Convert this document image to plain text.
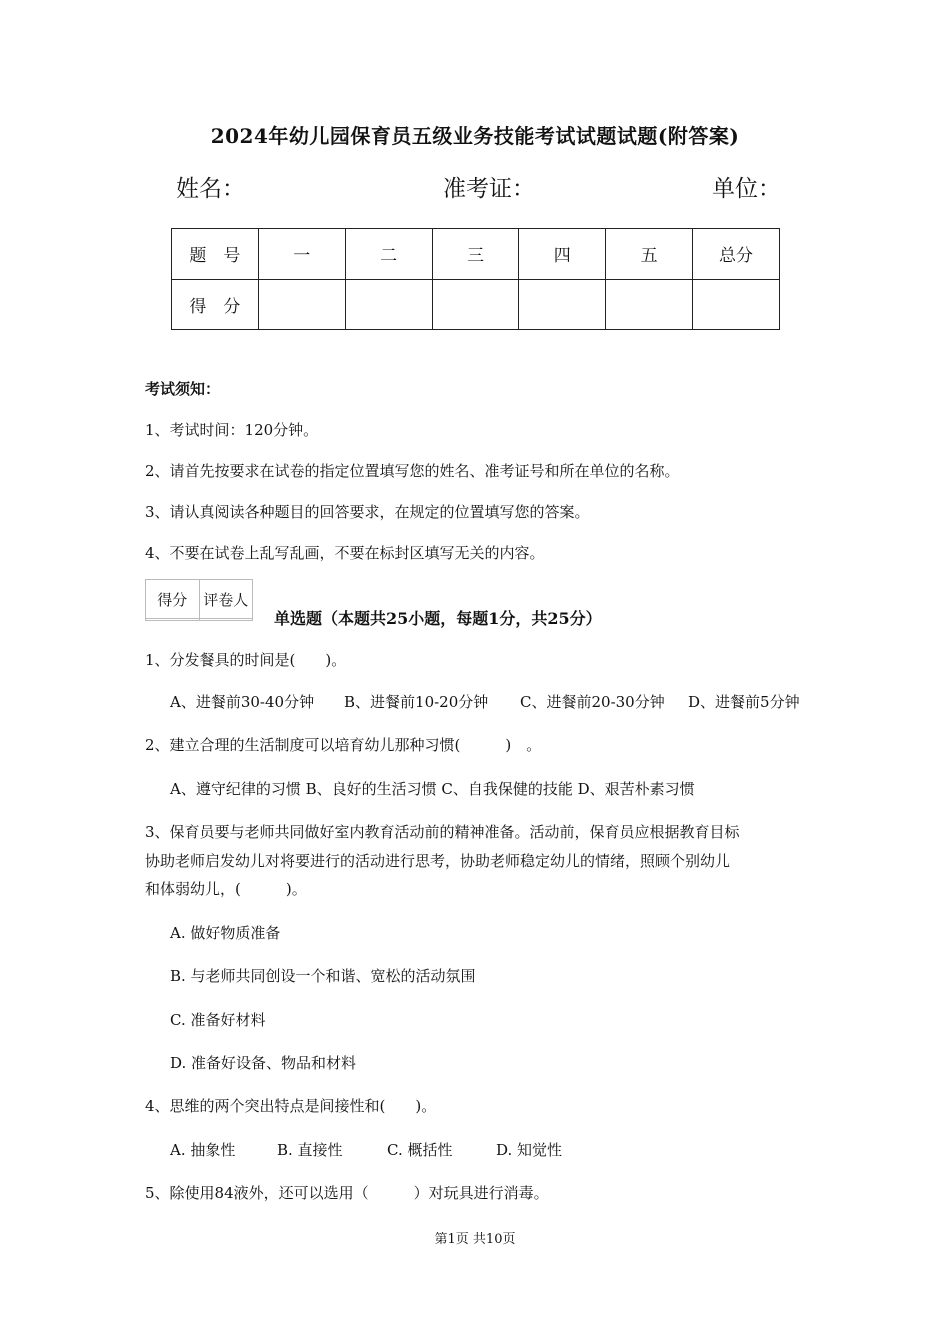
2024年幼儿园保育员五级业务技能考试试题试题(附答案)
姓名：	准考证：	单位：
题　号	一	二	三	四	五	总分
得　分						
考试须知：
1、考试时间：120分钟。
2、请首先按要求在试卷的指定位置填写您的姓名、准考证号和所在单位的名称。
3、请认真阅读各种题目的回答要求，在规定的位置填写您的答案。
4、不要在试卷上乱写乱画，不要在标封区填写无关的内容。
得分	评卷人

单选题（本题共25小题，每题1分，共25分）
1、分发餐具的时间是(　　)。
A、进餐前30-40分钟 B、进餐前10-20分钟 C、进餐前20-30分钟 D、进餐前5分钟
2、建立合理的生活制度可以培育幼儿那种习惯(　　　)　。
A、遵守纪律的习惯 B、良好的生活习惯 C、自我保健的技能 D、艰苦朴素习惯
3、保育员要与老师共同做好室内教育活动前的精神准备。活动前，保育员应根据教育目标
协助老师启发幼儿对将要进行的活动进行思考，协助老师稳定幼儿的情绪，照顾个别幼儿
和体弱幼儿，(　　　)。
A. 做好物质准备
B. 与老师共同创设一个和谐、宽松的活动氛围
C. 准备好材料
D. 准备好设备、物品和材料
4、思维的两个突出特点是间接性和(　　)。
A. 抽象性	B. 直接性	C. 概括性	D. 知觉性
5、除使用84液外，还可以选用（　　　）对玩具进行消毒。
第1页 共10页
